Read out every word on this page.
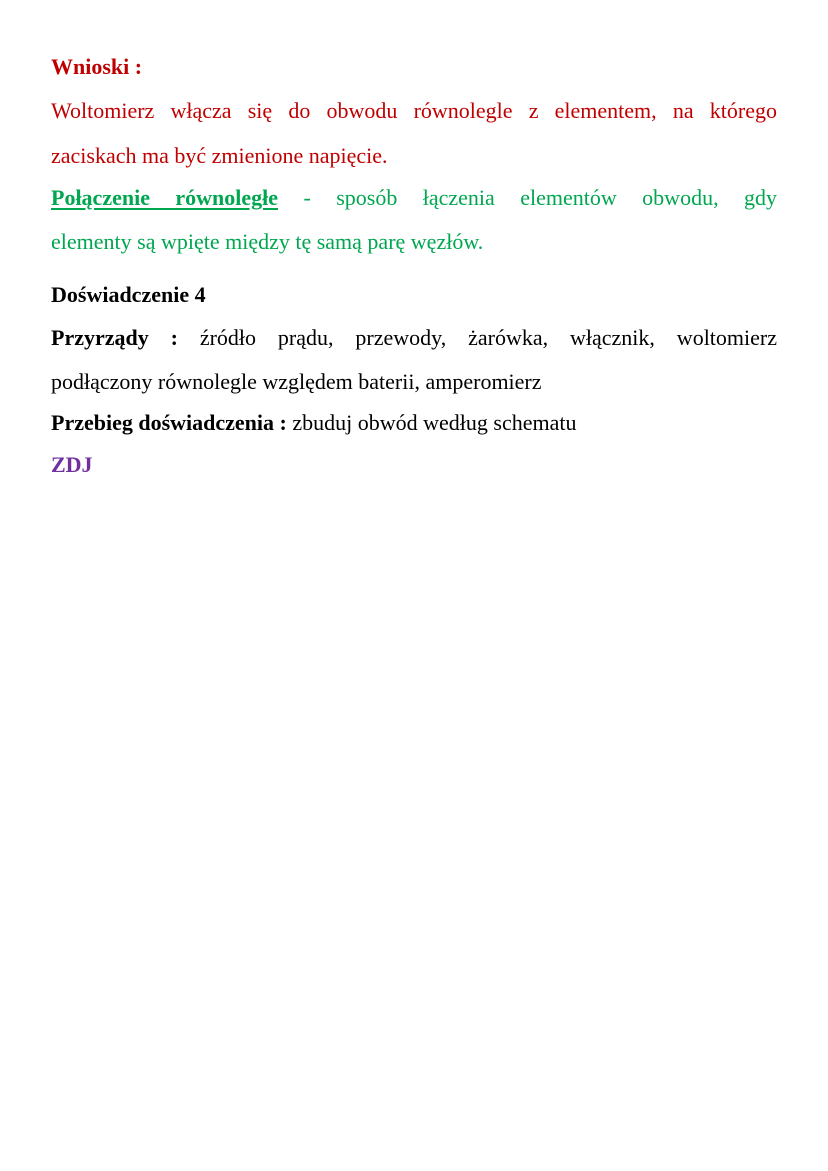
Wnioski :
Woltomierz włącza się do obwodu równolegle z elementem, na którego
zaciskach ma być zmienione napięcie.
Połączenie równoległe - sposób łączenia elementów obwodu, gdy
elementy są wpięte między tę samą parę węzłów.
Doświadczenie 4
Przyrządy : źródło prądu, przewody, żarówka, włącznik, woltomierz
podłączony równolegle względem baterii, amperomierz
Przebieg doświadczenia : zbuduj obwód według schematu
ZDJ
